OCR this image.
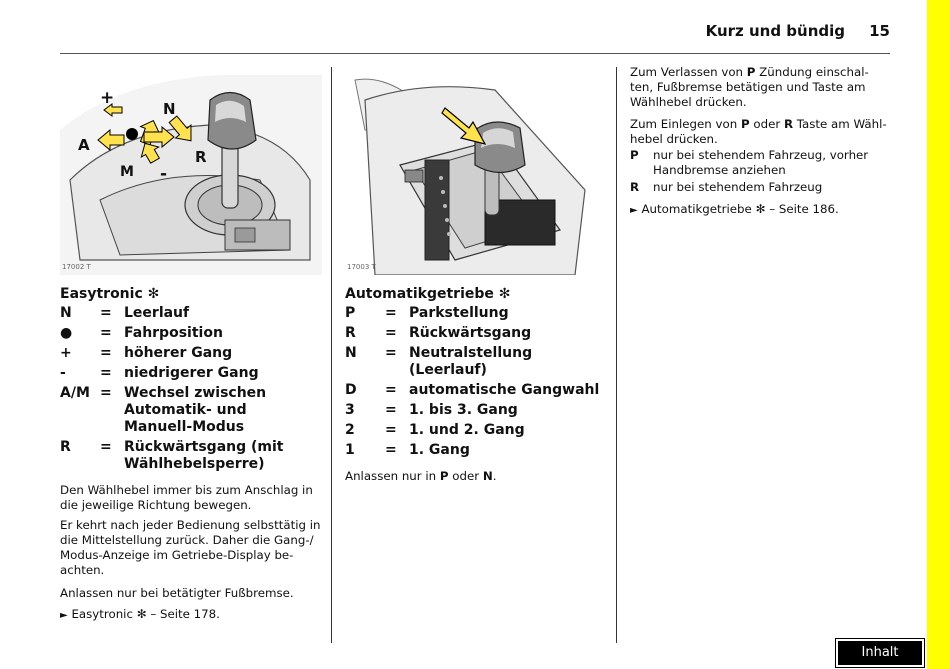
Kurz und bündig	15
+
N
A
M -
R
17002 T	17003 T
Easytronic ✻
N = Leerlauf
● = Fahrposition
+ = höherer Gang
- = niedrigerer Gang
A/M = Wechsel zwischen
Automatik- und
Manuell-Modus
R = Rückwärtsgang (mit
Wählhebelsperre)
Den Wählhebel immer bis zum Anschlag in
die jeweilige Richtung bewegen.
Er kehrt nach jeder Bedienung selbsttätig in
die Mittelstellung zurück. Daher die Gang-/
Modus-Anzeige im Getriebe-Display be-
achten.
Anlassen nur bei betätigter Fußbremse.
► Easytronic ✻ – Seite 178.
Automatikgetriebe ✻
P = Parkstellung
R = Rückwärtsgang
N = Neutralstellung
(Leerlauf)
D = automatische Gangwahl
3 = 1. bis 3. Gang
2 = 1. und 2. Gang
1 = 1. Gang
Anlassen nur in P oder N.
Zum Verlassen von P Zündung einschal-
ten, Fußbremse betätigen und Taste am
Wählhebel drücken.
Zum Einlegen von P oder R Taste am Wähl-
hebel drücken.
P nur bei stehendem Fahrzeug, vorher
Handbremse anziehen
R nur bei stehendem Fahrzeug
► Automatikgetriebe ✻ – Seite 186.
Inhalt
